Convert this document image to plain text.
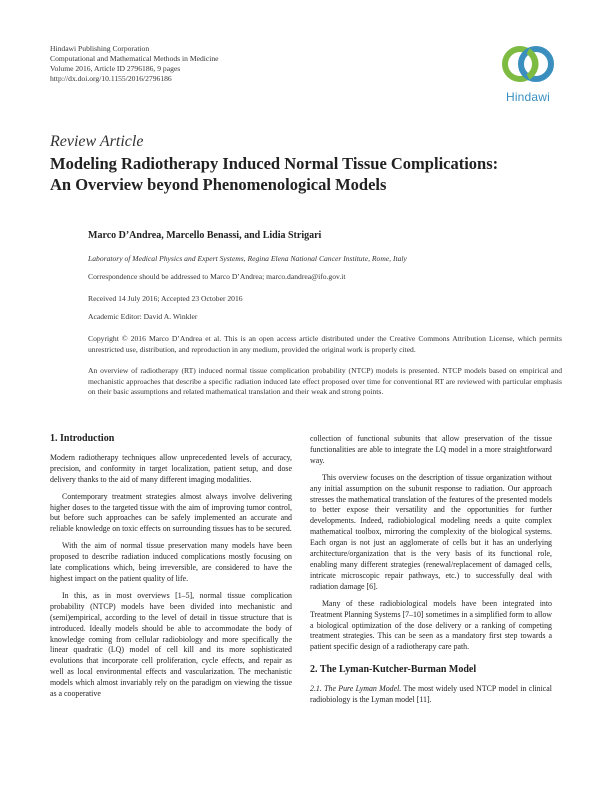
Hindawi Publishing Corporation
Computational and Mathematical Methods in Medicine
Volume 2016, Article ID 2796186, 9 pages
http://dx.doi.org/10.1155/2016/2796186
Hindawi
Review Article
Modeling Radiotherapy Induced Normal Tissue Complications:
An Overview beyond Phenomenological Models
Marco D’Andrea, Marcello Benassi, and Lidia Strigari
Laboratory of Medical Physics and Expert Systems, Regina Elena National Cancer Institute, Rome, Italy
Correspondence should be addressed to Marco D’Andrea; marco.dandrea@ifo.gov.it
Received 14 July 2016; Accepted 23 October 2016
Academic Editor: David A. Winkler
Copyright © 2016 Marco D’Andrea et al. This is an open access article distributed under the Creative Commons Attribution License, which permits unrestricted use, distribution, and reproduction in any medium, provided the original work is properly cited.
An overview of radiotherapy (RT) induced normal tissue complication probability (NTCP) models is presented. NTCP models based on empirical and mechanistic approaches that describe a specific radiation induced late effect proposed over time for conventional RT are reviewed with particular emphasis on their basic assumptions and related mathematical translation and their weak and strong points.
1. Introduction

Modern radiotherapy techniques allow unprecedented levels of accuracy, precision, and conformity in target localization, patient setup, and dose delivery thanks to the aid of many different imaging modalities.

Contemporary treatment strategies almost always involve delivering higher doses to the targeted tissue with the aim of improving tumor control, but before such approaches can be safely implemented an accurate and reliable knowledge on toxic effects on surrounding tissues has to be secured.

With the aim of normal tissue preservation many models have been proposed to describe radiation induced complications mostly focusing on late complications which, being irreversible, are considered to have the highest impact on the patient quality of life.

In this, as in most overviews [1–5], normal tissue complication probability (NTCP) models have been divided into mechanistic and (semi)empirical, according to the level of detail in tissue structure that is introduced. Ideally models should be able to accommodate the body of knowledge coming from cellular radiobiology and more specifically the linear quadratic (LQ) model of cell kill and its more sophisticated evolutions that incorporate cell proliferation, cycle effects, and repair as well as local environmental effects and vascularization. The mechanistic models which almost invariably rely on the paradigm on viewing the tissue as a cooperative

collection of functional subunits that allow preservation of the tissue functionalities are able to integrate the LQ model in a more straightforward way.

This overview focuses on the description of tissue organization without any initial assumption on the subunit response to radiation. Our approach stresses the mathematical translation of the features of the presented models to better expose their versatility and the opportunities for further developments. Indeed, radiobiological modeling needs a quite complex mathematical toolbox, mirroring the complexity of the biological systems. Each organ is not just an agglomerate of cells but it has an underlying architecture/organization that is the very basis of its functional role, enabling many different strategies (renewal/replacement of damaged cells, intricate microscopic repair pathways, etc.) to successfully deal with radiation damage [6].

Many of these radiobiological models have been integrated into Treatment Planning Systems [7–10] sometimes in a simplified form to allow a biological optimization of the dose delivery or a ranking of competing treatment strategies. This can be seen as a mandatory first step towards a patient specific design of a radiotherapy care path.

2. The Lyman-Kutcher-Burman Model

2.1. The Pure Lyman Model. The most widely used NTCP model in clinical radiobiology is the Lyman model [11].
